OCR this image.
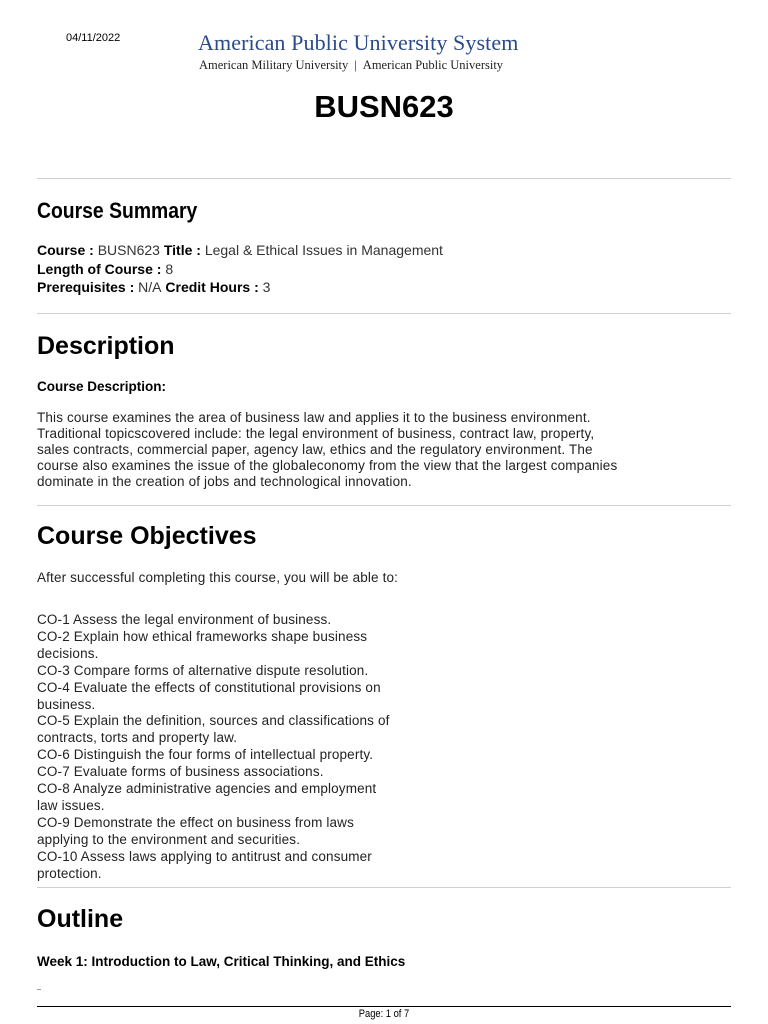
04/11/2022	American Public University System
American Military University | American Public University
BUSN623
Course Summary
Course : BUSN623 Title : Legal & Ethical Issues in Management
Length of Course : 8
Prerequisites : N/A Credit Hours : 3
Description
Course Description:
This course examines the area of business law and applies it to the business environment.
Traditional topicscovered include: the legal environment of business, contract law, property,
sales contracts, commercial paper, agency law, ethics and the regulatory environment. The
course also examines the issue of the globaleconomy from the view that the largest companies
dominate in the creation of jobs and technological innovation.
Course Objectives
After successful completing this course, you will be able to:
CO-1 Assess the legal environment of business.
CO-2 Explain how ethical frameworks shape business
decisions.
CO-3 Compare forms of alternative dispute resolution.
CO-4 Evaluate the effects of constitutional provisions on
business.
CO-5 Explain the definition, sources and classifications of
contracts, torts and property law.
CO-6 Distinguish the four forms of intellectual property.
CO-7 Evaluate forms of business associations.
CO-8 Analyze administrative agencies and employment
law issues.
CO-9 Demonstrate the effect on business from laws
applying to the environment and securities.
CO-10 Assess laws applying to antitrust and consumer
protection.
Outline
Week 1: Introduction to Law, Critical Thinking, and Ethics
Page: 1 of 7
